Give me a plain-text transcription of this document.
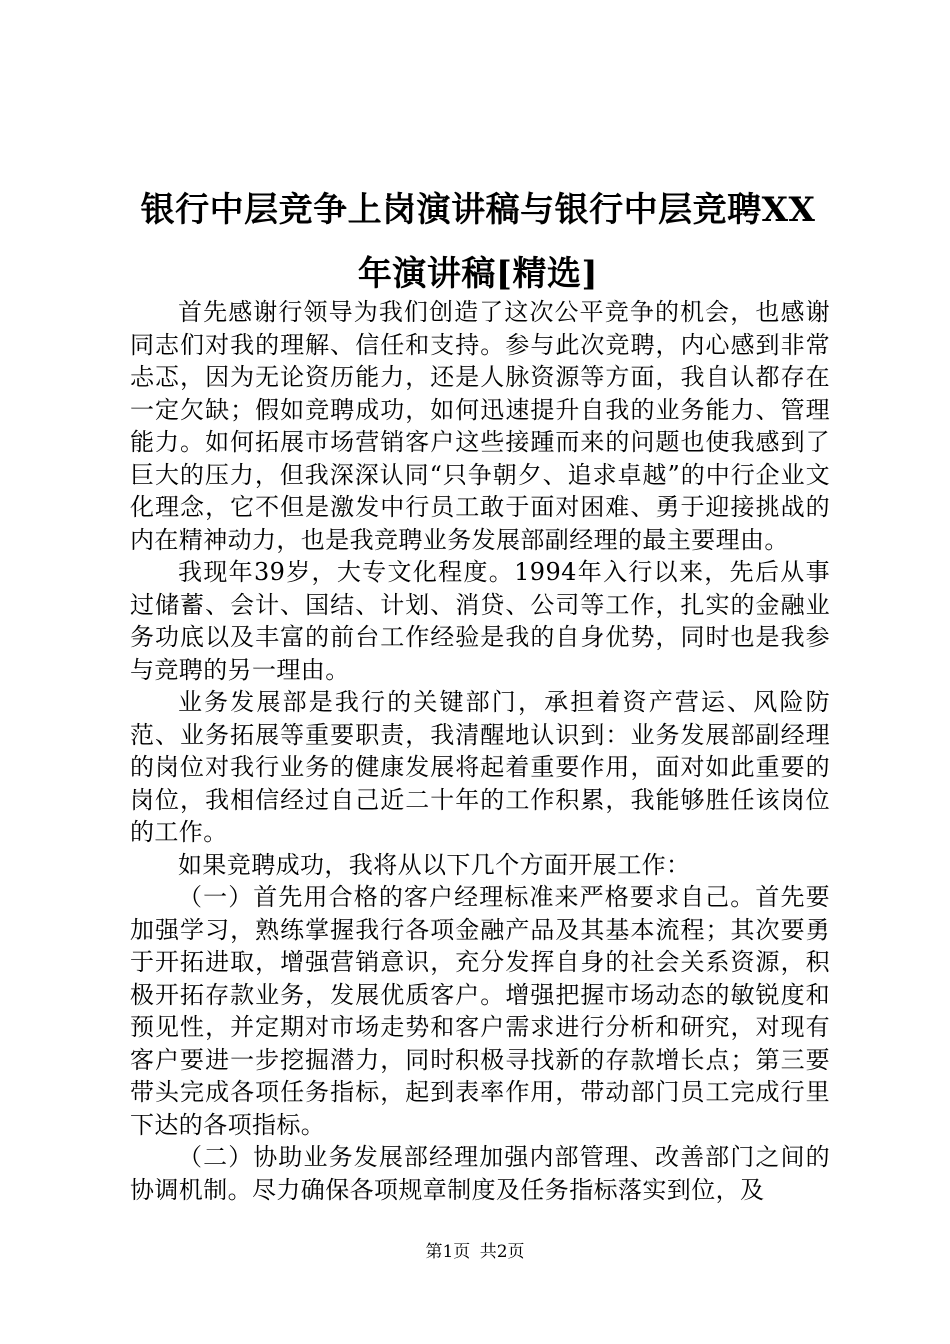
银行中层竞争上岗演讲稿与银行中层竞聘XX年演讲稿[精选]

首先感谢行领导为我们创造了这次公平竞争的机会，也感谢同志们对我的理解、信任和支持。参与此次竞聘，内心感到非常忐忑，因为无论资历能力，还是人脉资源等方面，我自认都存在一定欠缺；假如竞聘成功，如何迅速提升自我的业务能力、管理能力。如何拓展市场营销客户这些接踵而来的问题也使我感到了巨大的压力，但我深深认同“只争朝夕、追求卓越”的中行企业文化理念，它不但是激发中行员工敢于面对困难、勇于迎接挑战的内在精神动力，也是我竞聘业务发展部副经理的最主要理由。

我现年39岁，大专文化程度。1994年入行以来，先后从事过储蓄、会计、国结、计划、消贷、公司等工作，扎实的金融业务功底以及丰富的前台工作经验是我的自身优势，同时也是我参与竞聘的另一理由。

业务发展部是我行的关键部门，承担着资产营运、风险防范、业务拓展等重要职责，我清醒地认识到：业务发展部副经理的岗位对我行业务的健康发展将起着重要作用，面对如此重要的岗位，我相信经过自己近二十年的工作积累，我能够胜任该岗位的工作。

如果竞聘成功，我将从以下几个方面开展工作：

（一）首先用合格的客户经理标准来严格要求自己。首先要加强学习，熟练掌握我行各项金融产品及其基本流程；其次要勇于开拓进取，增强营销意识，充分发挥自身的社会关系资源，积极开拓存款业务，发展优质客户。增强把握市场动态的敏锐度和预见性，并定期对市场走势和客户需求进行分析和研究，对现有客户要进一步挖掘潜力，同时积极寻找新的存款增长点；第三要带头完成各项任务指标，起到表率作用，带动部门员工完成行里下达的各项指标。

（二）协助业务发展部经理加强内部管理、改善部门之间的协调机制。尽力确保各项规章制度及任务指标落实到位，及

第1页 共2页
